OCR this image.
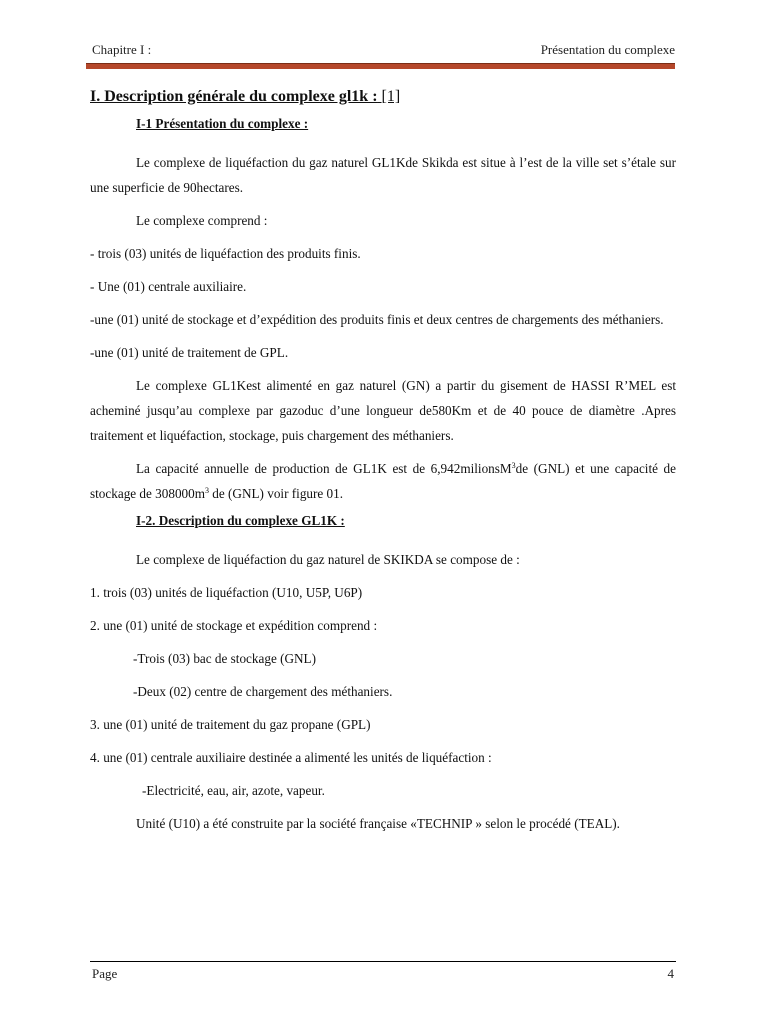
Chapitre I :	Présentation du complexe

I. Description générale du complexe gl1k : [1]

I-1 Présentation du complexe :

Le complexe de liquéfaction du gaz naturel GL1Kde Skikda est situe à l’est de la ville set s’étale sur une superficie de 90hectares.

Le complexe comprend :

- trois (03) unités de liquéfaction des produits finis.

- Une (01) centrale auxiliaire.

-une (01) unité de stockage et d’expédition des produits finis et deux centres de chargements des méthaniers.

-une (01) unité de traitement de GPL.

Le complexe GL1Kest alimenté en gaz naturel (GN) a partir du gisement de HASSI R’MEL est acheminé jusqu’au complexe par gazoduc d’une longueur de580Km et de 40 pouce de diamètre .Apres traitement et liquéfaction, stockage, puis chargement des méthaniers.

La capacité annuelle de production de GL1K est de 6,942milionsM$^3$de (GNL) et une capacité de stockage de $308000m^3$ de (GNL) voir figure 01.

I-2. Description du complexe GL1K :

Le complexe de liquéfaction du gaz naturel de SKIKDA se compose de :

1. trois (03) unités de liquéfaction (U10, U5P, U6P)

2. une (01) unité de stockage et expédition comprend :

-Trois (03) bac de stockage (GNL)

-Deux (02) centre de chargement des méthaniers.

3. une (01) unité de traitement du gaz propane (GPL)

4. une (01) centrale auxiliaire destinée a alimenté les unités de liquéfaction :

-Electricité, eau, air, azote, vapeur.

Unité (U10) a été construite par la société française «TECHNIP » selon le procédé (TEAL).

Page	4
